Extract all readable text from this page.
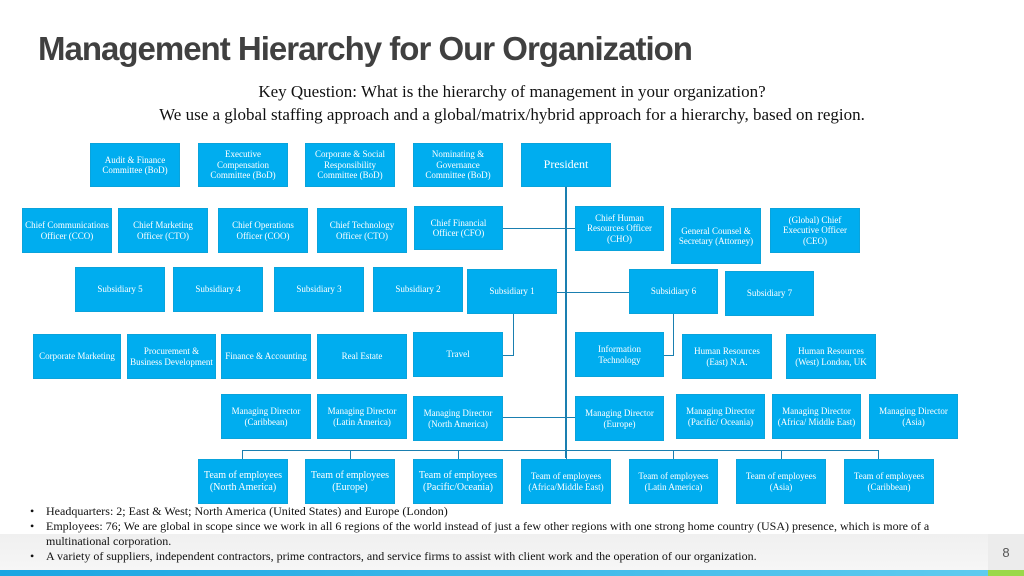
Management Hierarchy for Our Organization
Key Question: What is the hierarchy of management in your organization?
We use a global staffing approach and a global/matrix/hybrid approach for a hierarchy, based on region.
Audit & Finance Committee (BoD)
Executive Compensation Committee (BoD)
Corporate & Social Responsibility Committee (BoD)
Nominating & Governance Committee (BoD)
President
Chief Communications Officer (CCO)
Chief Marketing Officer (CTO)
Chief Operations Officer (COO)
Chief Technology Officer (CTO)
Chief Financial Officer (CFO)
Chief Human Resources Officer (CHO)
General Counsel & Secretary (Attorney)
(Global) Chief Executive Officer (CEO)
Subsidiary 5	Subsidiary 4	Subsidiary 3	Subsidiary 2	Subsidiary 1	Subsidiary 6	Subsidiary 7
Corporate Marketing
Procurement & Business Development
Finance & Accounting	Real Estate	Travel
Information Technology
Human Resources (East) N.A.
Human Resources (West) London, UK
Managing Director (Caribbean)
Managing Director (Latin America)
Managing Director (North America)
Managing Director (Europe)
Managing Director (Pacific/ Oceania)
Managing Director (Africa/ Middle East)
Managing Director (Asia)
Team of employees (North America)
Team of employees (Europe)
Team of employees (Pacific/Oceania)
Team of employees (Africa/Middle East)
Team of employees (Latin America)
Team of employees (Asia)
Team of employees (Caribbean)
• Headquarters: 2; East & West; North America (United States) and Europe (London)
• Employees: 76; We are global in scope since we work in all 6 regions of the world instead of just a few other regions with one strong home country (USA) presence, which is more of a multinational corporation.
• A variety of suppliers, independent contractors, prime contractors, and service firms to assist with client work and the operation of our organization.	8
